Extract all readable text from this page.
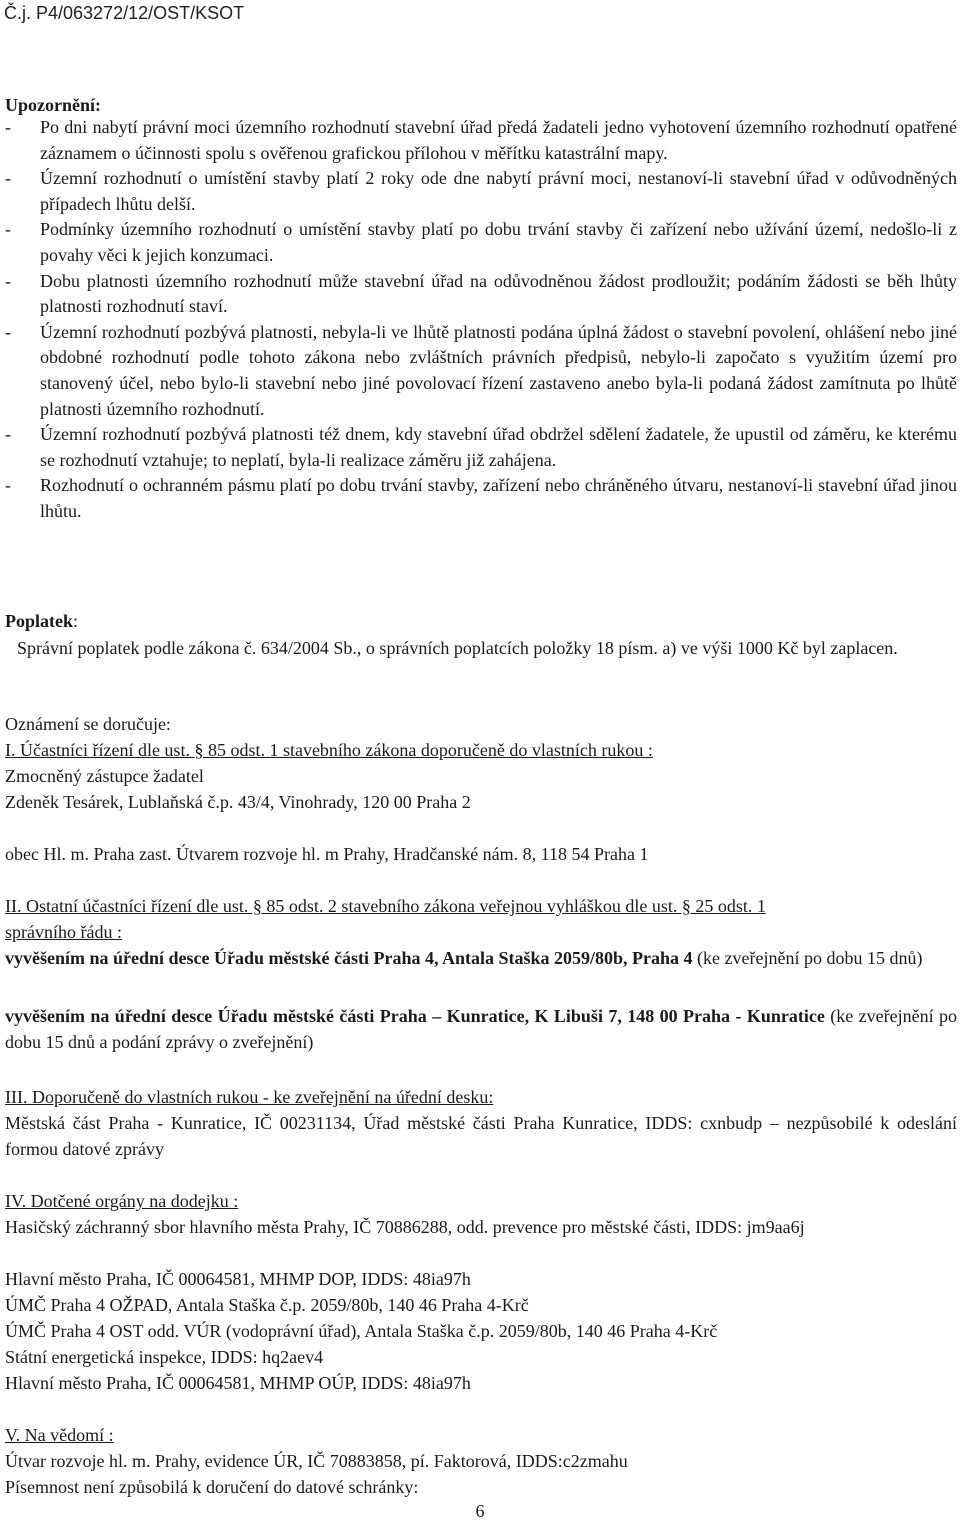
Č.j. P4/063272/12/OST/KSOT
Upozornění:
- Po dni nabytí právní moci územního rozhodnutí stavební úřad předá žadateli jedno vyhotovení územního rozhodnutí opatřené záznamem o účinnosti spolu s ověřenou grafickou přílohou v měřítku katastrální mapy.
- Územní rozhodnutí o umístění stavby platí 2 roky ode dne nabytí právní moci, nestanoví-li stavební úřad v odůvodněných případech lhůtu delší.
- Podmínky územního rozhodnutí o umístění stavby platí po dobu trvání stavby či zařízení nebo užívání území, nedošlo-li z povahy věci k jejich konzumaci.
- Dobu platnosti územního rozhodnutí může stavební úřad na odůvodněnou žádost prodloužit; podáním žádosti se běh lhůty platnosti rozhodnutí staví.
- Územní rozhodnutí pozbývá platnosti, nebyla-li ve lhůtě platnosti podána úplná žádost o stavební povolení, ohlášení nebo jiné obdobné rozhodnutí podle tohoto zákona nebo zvláštních právních předpisů, nebylo-li započato s využitím území pro stanovený účel, nebo bylo-li stavební nebo jiné povolovací řízení zastaveno anebo byla-li podaná žádost zamítnuta po lhůtě platnosti územního rozhodnutí.
- Územní rozhodnutí pozbývá platnosti též dnem, kdy stavební úřad obdržel sdělení žadatele, že upustil od záměru, ke kterému se rozhodnutí vztahuje; to neplatí, byla-li realizace záměru již zahájena.
- Rozhodnutí o ochranném pásmu platí po dobu trvání stavby, zařízení nebo chráněného útvaru, nestanoví-li stavební úřad jinou lhůtu.
Poplatek:
Správní poplatek podle zákona č. 634/2004 Sb., o správních poplatcích položky 18 písm. a) ve výši 1000 Kč byl zaplacen.
Oznámení se doručuje:
I. Účastníci řízení dle ust. § 85 odst. 1 stavebního zákona doporučeně do vlastních rukou :
Zmocněný zástupce žadatel
Zdeněk Tesárek, Lublaňská č.p. 43/4, Vinohrady, 120 00 Praha 2
obec Hl. m. Praha zast. Útvarem rozvoje hl. m Prahy, Hradčanské nám. 8, 118 54 Praha 1
II. Ostatní účastníci řízení dle ust. § 85 odst. 2 stavebního zákona veřejnou vyhláškou dle ust. § 25 odst. 1
správního řádu :
vyvěšením na úřední desce Úřadu městské části Praha 4, Antala Staška 2059/80b, Praha 4 (ke zveřejnění po dobu 15 dnů)
vyvěšením na úřední desce Úřadu městské části Praha – Kunratice, K Libuši 7, 148 00 Praha - Kunratice (ke zveřejnění po dobu 15 dnů a podání zprávy o zveřejnění)
III. Doporučeně do vlastních rukou - ke zveřejnění na úřední desku:
Městská část Praha - Kunratice, IČ 00231134, Úřad městské části Praha Kunratice, IDDS: cxnbudp – nezpůsobilé k odeslání formou datové zprávy
IV. Dotčené orgány na dodejku :
Hasičský záchranný sbor hlavního města Prahy, IČ 70886288, odd. prevence pro městské části, IDDS: jm9aa6j
Hlavní město Praha, IČ 00064581, MHMP DOP, IDDS: 48ia97h
ÚMČ Praha 4 OŽPAD, Antala Staška č.p. 2059/80b, 140 46 Praha 4-Krč
ÚMČ Praha 4 OST odd. VÚR (vodoprávní úřad), Antala Staška č.p. 2059/80b, 140 46 Praha 4-Krč
Státní energetická inspekce, IDDS: hq2aev4
Hlavní město Praha, IČ 00064581, MHMP OÚP, IDDS: 48ia97h
V. Na vědomí :
Útvar rozvoje hl. m. Prahy, evidence ÚR, IČ 70883858, pí. Faktorová, IDDS:c2zmahu
Písemnost není způsobilá k doručení do datové schránky:
6
